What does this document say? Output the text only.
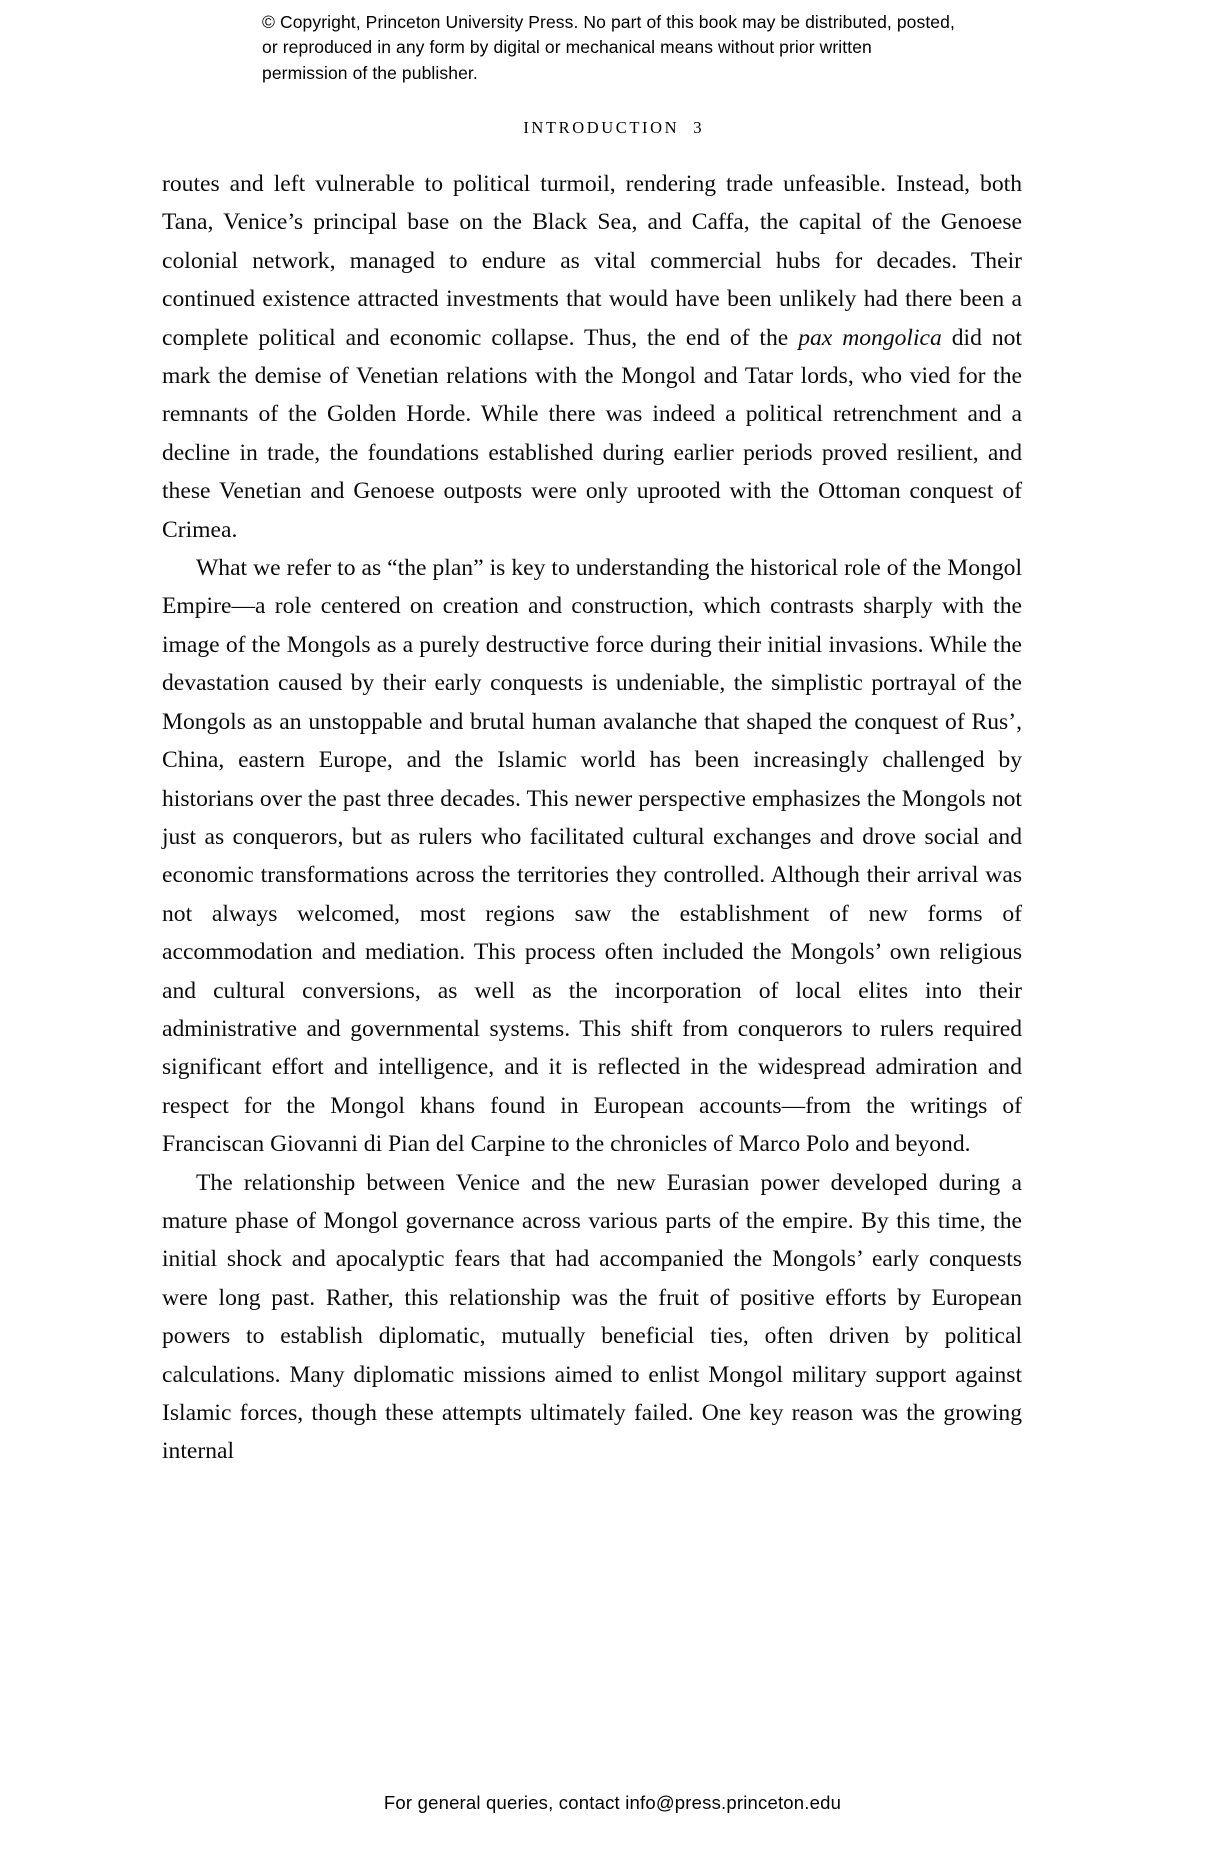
© Copyright, Princeton University Press. No part of this book may be distributed, posted, or reproduced in any form by digital or mechanical means without prior written permission of the publisher.
INTRODUCTION 3

routes and left vulnerable to political turmoil, rendering trade unfeasible. Instead, both Tana, Venice’s principal base on the Black Sea, and Caffa, the capital of the Genoese colonial network, managed to endure as vital commercial hubs for decades. Their continued existence attracted investments that would have been unlikely had there been a complete political and economic collapse. Thus, the end of the pax mongolica did not mark the demise of Venetian relations with the Mongol and Tatar lords, who vied for the remnants of the Golden Horde. While there was indeed a political retrenchment and a decline in trade, the foundations established during earlier periods proved resilient, and these Venetian and Genoese outposts were only uprooted with the Ottoman conquest of Crimea.

What we refer to as “the plan” is key to understanding the historical role of the Mongol Empire—a role centered on creation and construction, which contrasts sharply with the image of the Mongols as a purely destructive force during their initial invasions. While the devastation caused by their early conquests is undeniable, the simplistic portrayal of the Mongols as an unstoppable and brutal human avalanche that shaped the conquest of Rus’, China, eastern Europe, and the Islamic world has been increasingly challenged by historians over the past three decades. This newer perspective emphasizes the Mongols not just as conquerors, but as rulers who facilitated cultural exchanges and drove social and economic transformations across the territories they controlled. Although their arrival was not always welcomed, most regions saw the establishment of new forms of accommodation and mediation. This process often included the Mongols’ own religious and cultural conversions, as well as the incorporation of local elites into their administrative and governmental systems. This shift from conquerors to rulers required significant effort and intelligence, and it is reflected in the widespread admiration and respect for the Mongol khans found in European accounts—from the writings of Franciscan Giovanni di Pian del Carpine to the chronicles of Marco Polo and beyond.

The relationship between Venice and the new Eurasian power developed during a mature phase of Mongol governance across various parts of the empire. By this time, the initial shock and apocalyptic fears that had accompanied the Mongols’ early conquests were long past. Rather, this relationship was the fruit of positive efforts by European powers to establish diplomatic, mutually beneficial ties, often driven by political calculations. Many diplomatic missions aimed to enlist Mongol military support against Islamic forces, though these attempts ultimately failed. One key reason was the growing internal

For general queries, contact info@press.princeton.edu
